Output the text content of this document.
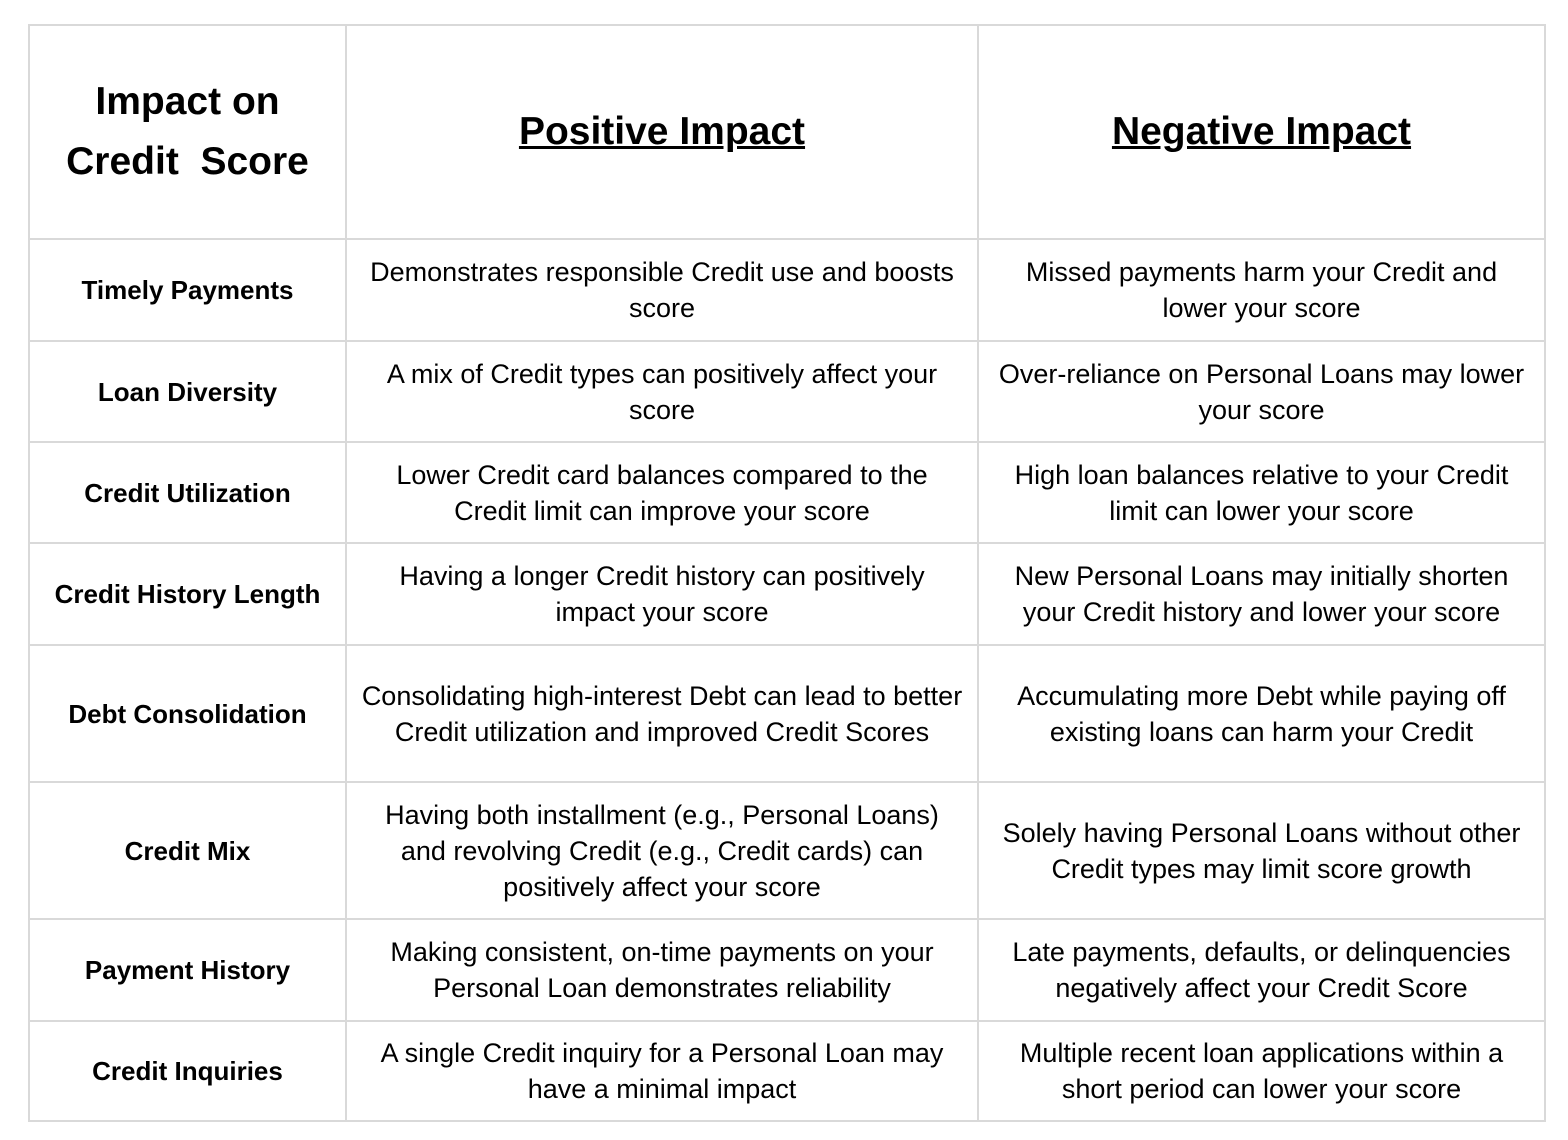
Impact on
Credit  Score	Positive Impact	Negative Impact
Timely Payments	Demonstrates responsible Credit use and boosts score	Missed payments harm your Credit and lower your score
Loan Diversity	A mix of Credit types can positively affect your score	Over-reliance on Personal Loans may lower your score
Credit Utilization	Lower Credit card balances compared to the Credit limit can improve your score	High loan balances relative to your Credit limit can lower your score
Credit History Length	Having a longer Credit history can positively impact your score	New Personal Loans may initially shorten your Credit history and lower your score
Debt Consolidation	Consolidating high-interest Debt can lead to better Credit utilization and improved Credit Scores	Accumulating more Debt while paying off existing loans can harm your Credit
Credit Mix	Having both installment (e.g., Personal Loans) and revolving Credit (e.g., Credit cards) can positively affect your score	Solely having Personal Loans without other Credit types may limit score growth
Payment History	Making consistent, on-time payments on your Personal Loan demonstrates reliability	Late payments, defaults, or delinquencies negatively affect your Credit Score
Credit Inquiries	A single Credit inquiry for a Personal Loan may have a minimal impact	Multiple recent loan applications within a short period can lower your score
